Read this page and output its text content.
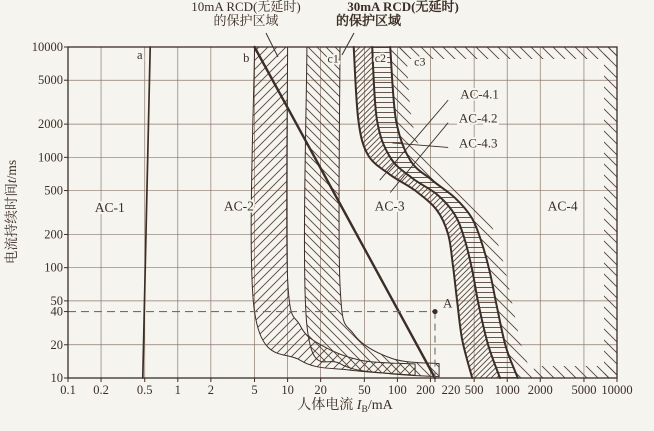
10mA RCD(无延时)
的保护区域
30mA RCD(无延时)
的保护区域
A
0.1 0.2 0.5 1 2	5 10 20 50 100 200 500 1000 2000 5000 10000
220
10
20
50
100
200
500
1000
2000
5000
10000
40
人体电流 $I_B/mA$
电流持续时间t/ms
AC-1	AC-2	AC-3	AC-4
AC-4.1
AC-4.2
AC-4.3
a	b	c1	c2 c3
